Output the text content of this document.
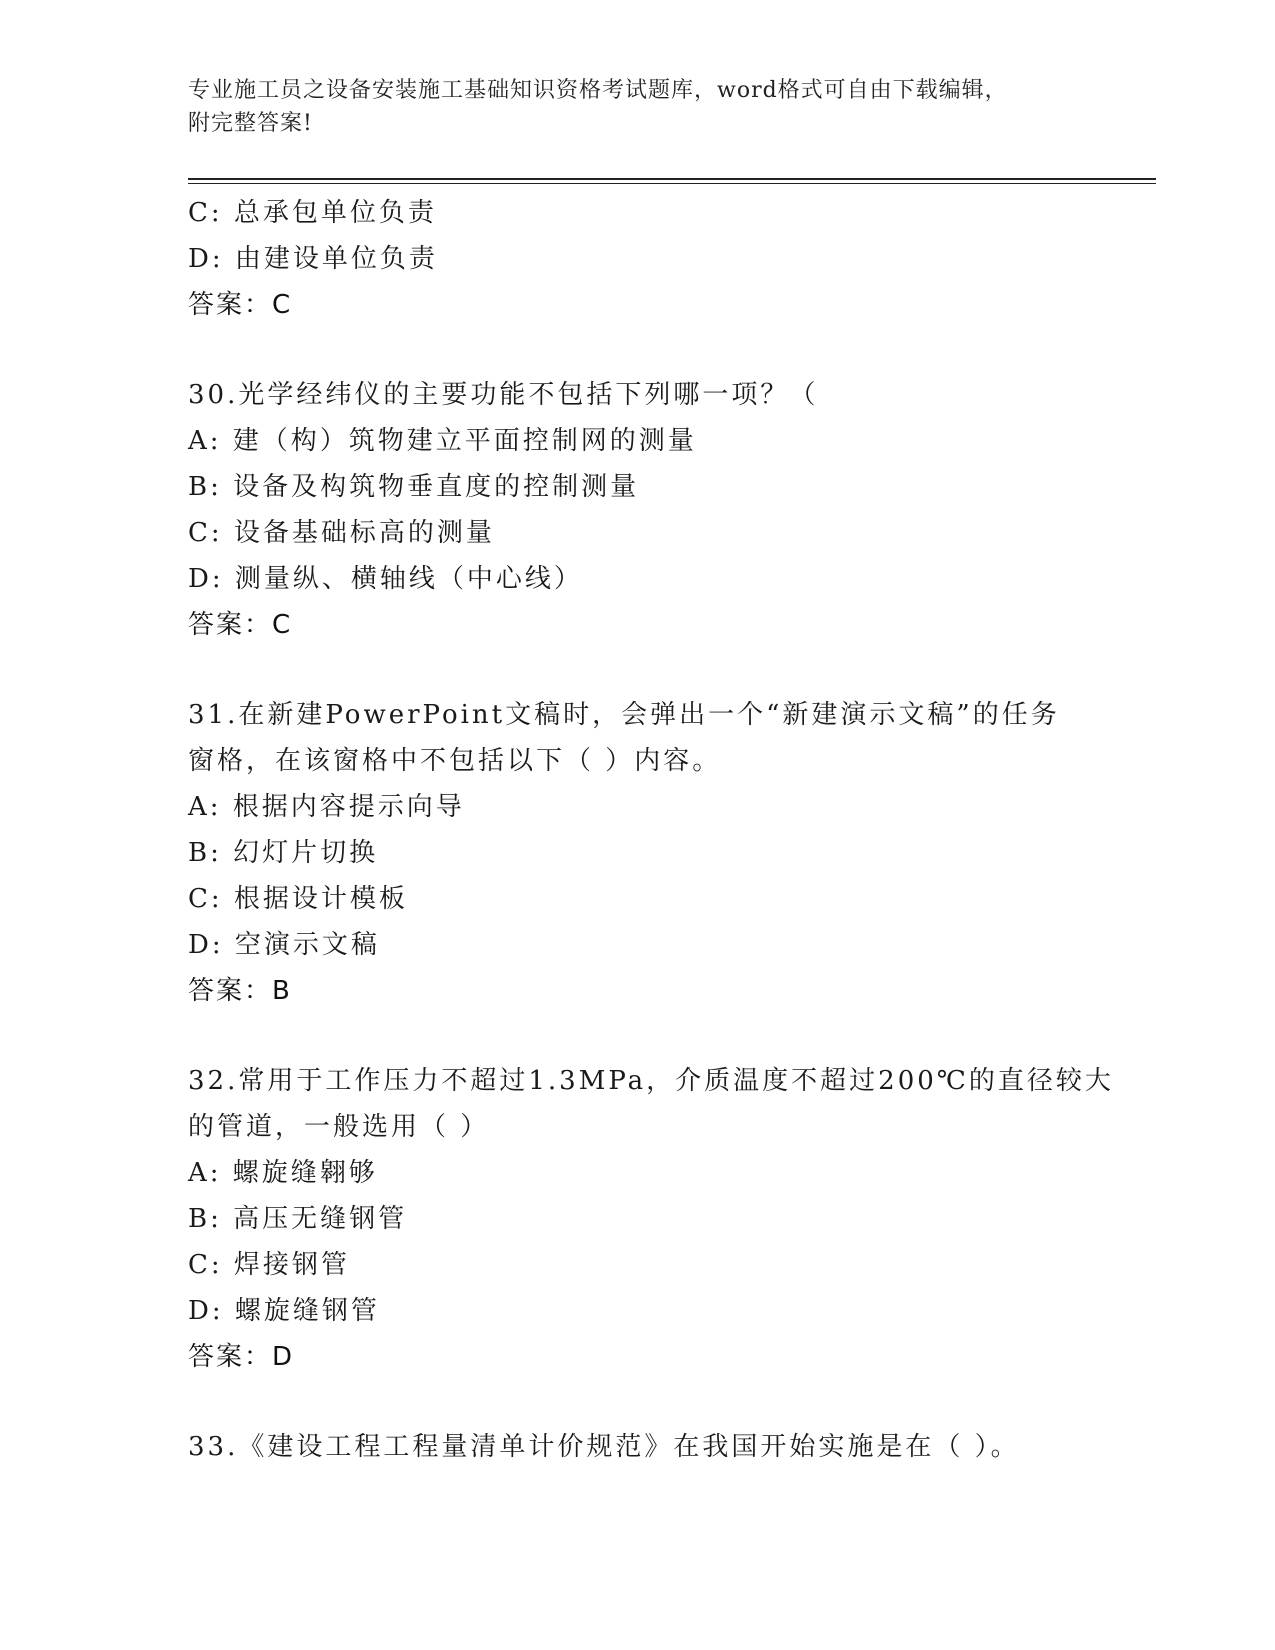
专业施工员之设备安装施工基础知识资格考试题库，word格式可自由下载编辑，
附完整答案!
C: 总承包单位负责
D: 由建设单位负责
答案：C
30.光学经纬仪的主要功能不包括下列哪一项？（
A: 建（构）筑物建立平面控制网的测量
B: 设备及构筑物垂直度的控制测量
C: 设备基础标高的测量
D: 测量纵、横轴线（中心线）
答案：C
31.在新建PowerPoint文稿时，会弹出一个“新建演示文稿”的任务
窗格，在该窗格中不包括以下（ ）内容。
A: 根据内容提示向导
B: 幻灯片切换
C: 根据设计模板
D: 空演示文稿
答案：B
32.常用于工作压力不超过1.3MPa，介质温度不超过200℃的直径较大
的管道，一般选用（ ）
A: 螺旋缝翱够
B: 高压无缝钢管
C: 焊接钢管
D: 螺旋缝钢管
答案：D
33.《建设工程工程量清单计价规范》在我国开始实施是在（ ）。
